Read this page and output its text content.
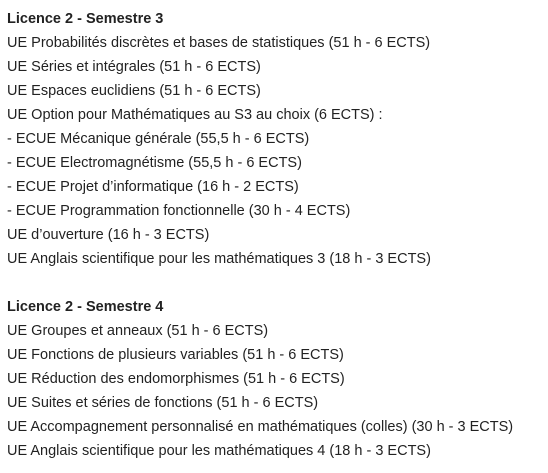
Licence 2 - Semestre 3

UE Probabilités discrètes et bases de statistiques (51 h - 6 ECTS)

UE Séries et intégrales (51 h - 6 ECTS)

UE Espaces euclidiens (51 h - 6 ECTS)

UE Option pour Mathématiques au S3 au choix (6 ECTS) :

- ECUE Mécanique générale (55,5 h - 6 ECTS)

- ECUE Electromagnétisme (55,5 h - 6 ECTS)

- ECUE Projet d’informatique (16 h - 2 ECTS)

- ECUE Programmation fonctionnelle (30 h - 4 ECTS)

UE d’ouverture (16 h - 3 ECTS)

UE Anglais scientifique pour les mathématiques 3 (18 h - 3 ECTS)

Licence 2 - Semestre 4

UE Groupes et anneaux (51 h - 6 ECTS)

UE Fonctions de plusieurs variables (51 h - 6 ECTS)

UE Réduction des endomorphismes (51 h - 6 ECTS)

UE Suites et séries de fonctions (51 h - 6 ECTS)

UE Accompagnement personnalisé en mathématiques (colles) (30 h - 3 ECTS)

UE Anglais scientifique pour les mathématiques 4 (18 h - 3 ECTS)
